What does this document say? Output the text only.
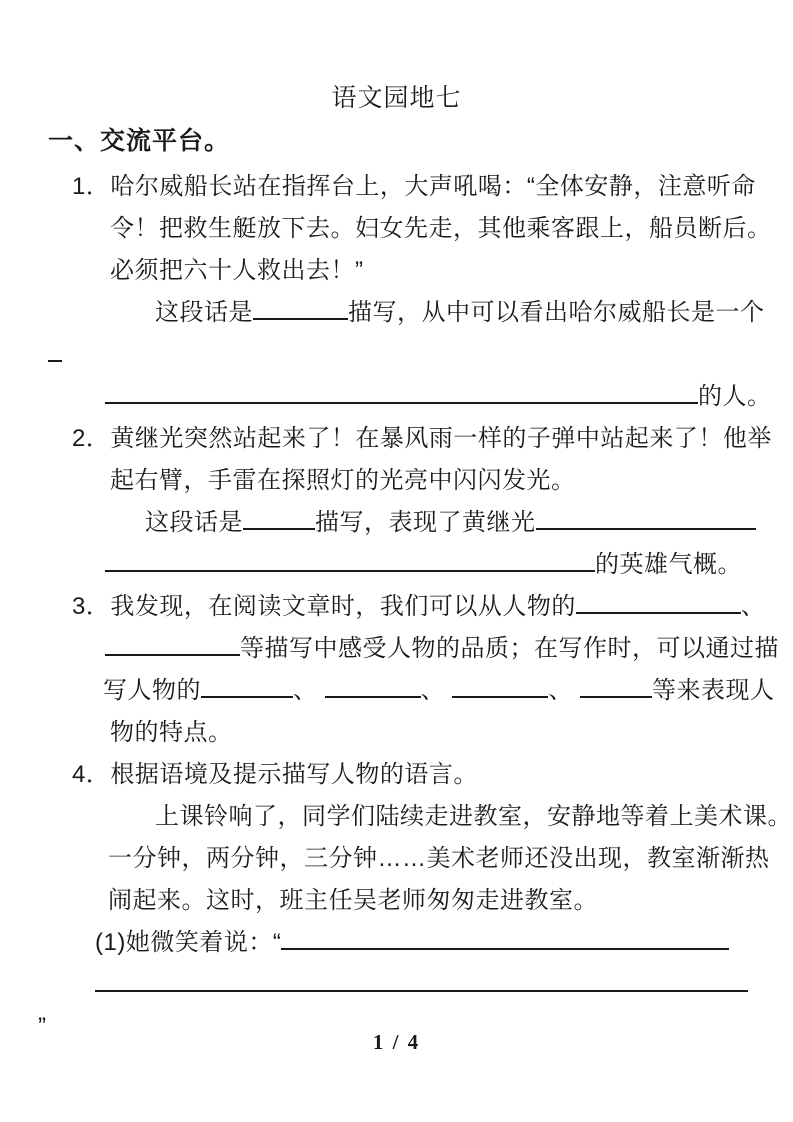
语文园地七
一、交流平台。
1．哈尔威船长站在指挥台上，大声吼喝：“全体安静，注意听命
令！把救生艇放下去。妇女先走，其他乘客跟上，船员断后。
必须把六十人救出去！”
这段话是	描写，从中可以看出哈尔威船长是一个
的人。
2．黄继光突然站起来了！在暴风雨一样的子弹中站起来了！他举
起右臂，手雷在探照灯的光亮中闪闪发光。
这段话是	描写，表现了黄继光
的英雄气概。
3．我发现，在阅读文章时，我们可以从人物的	、
等描写中感受人物的品质；在写作时，可以通过描
写人物的	、	、	、	等来表现人
物的特点。
4．根据语境及提示描写人物的语言。
上课铃响了，同学们陆续走进教室，安静地等着上美术课。
一分钟，两分钟，三分钟……美术老师还没出现，教室渐渐热
闹起来。这时，班主任吴老师匆匆走进教室。
(1)她微笑着说：“
”
1 / 4
